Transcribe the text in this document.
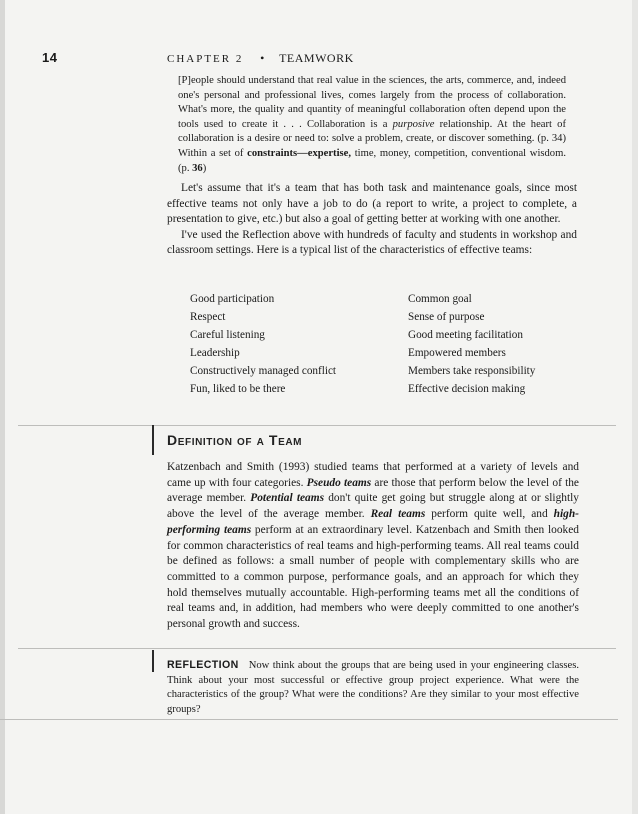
14	CHAPTER 2 • TEAMWORK
[P]eople should understand that real value in the sciences, the arts, commerce, and, indeed one's personal and professional lives, comes largely from the process of collaboration. What's more, the quality and quantity of meaningful collaboration often depend upon the tools used to create it . . . Collaboration is a purposive relationship. At the heart of collaboration is a desire or need to: solve a problem, create, or discover something. (p. 34) Within a set of constraints—expertise, time, money, competition, conventional wisdom. (p. 36)

Let's assume that it's a team that has both task and maintenance goals, since most effective teams not only have a job to do (a report to write, a project to complete, a presentation to give, etc.) but also a goal of getting better at working with one another.

I've used the Reflection above with hundreds of faculty and students in workshop and classroom settings. Here is a typical list of the characteristics of effective teams:

Good participation
Respect
Careful listening
Leadership
Constructively managed conflict
Fun, liked to be there
Common goal
Sense of purpose
Good meeting facilitation
Empowered members
Members take responsibility
Effective decision making
Definition of a Team

Katzenbach and Smith (1993) studied teams that performed at a variety of levels and came up with four categories. Pseudo teams are those that perform below the level of the average member. Potential teams don't quite get going but struggle along at or slightly above the level of the average member. Real teams perform quite well, and high-performing teams perform at an extraordinary level. Katzenbach and Smith then looked for common characteristics of real teams and high-performing teams. All real teams could be defined as follows: a small number of people with complementary skills who are committed to a common purpose, performance goals, and an approach for which they hold themselves mutually accountable. High-performing teams met all the conditions of real teams and, in addition, had members who were deeply committed to one another's personal growth and success.

REFLECTION Now think about the groups that are being used in your engineering classes. Think about your most successful or effective group project experience. What were the characteristics of the group? What were the conditions? Are they similar to your most effective groups?
